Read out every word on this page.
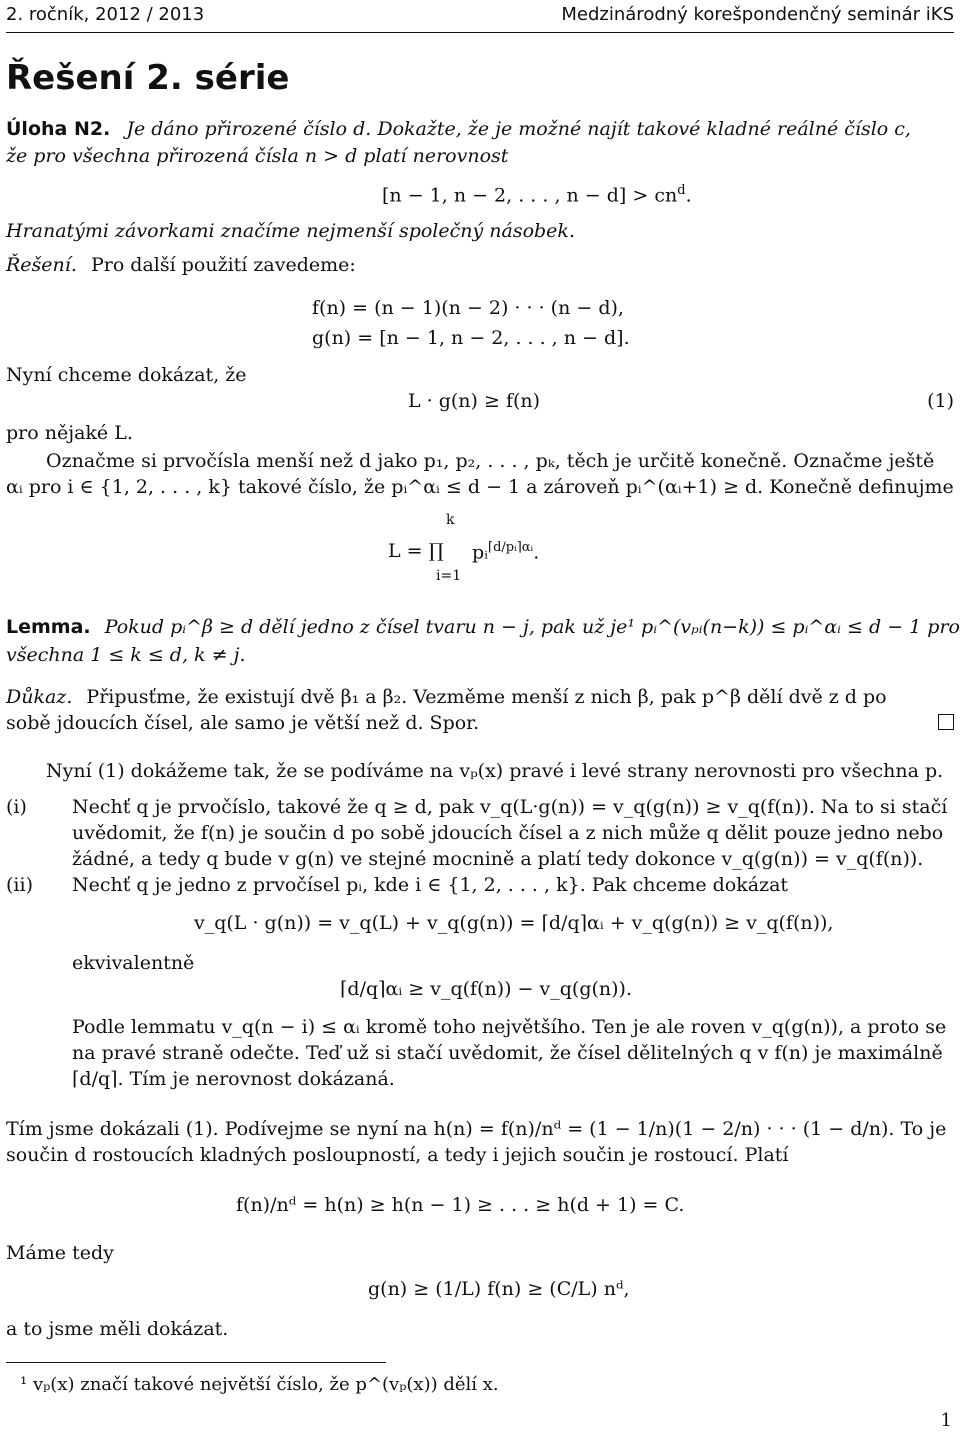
2. ročník, 2012 / 2013	Medzinárodný korešpondenčný seminár iKS
Řešení 2. série
Úloha N2. Je dáno přirozené číslo d. Dokažte, že je možné najít takové kladné reálné číslo c,
že pro všechna přirozená čísla n > d platí nerovnost
[n − 1, n − 2, . . . , $n - d] > cn^d$.
Hranatými závorkami značíme nejmenší společný násobek.
Řešení. Pro další použití zavedeme:
f(n) = (n − 1)(n − 2) · · · (n − d),
g(n) = [n − 1, n − 2, . . . , n − d].
Nyní chceme dokázat, že
L · g(n) ≥ f(n)	(1)
pro nějaké L.
Označme si prvočísla menší než d jako p₁, p₂, . . . , pₖ, těch je určitě konečně. Označme ještě
αᵢ pro i ∈ {1, 2, . . . , k} takové číslo, že pᵢ^αᵢ ≤ d − 1 a zároveň pᵢ^(αᵢ+1) ≥ d. Konečně definujme
L = ∏
k
i=1
pᵢ$^{⌈d/pᵢ⌉\alpha ᵢ}$.
Lemma. Pokud pᵢ^β ≥ d dělí jedno z čísel tvaru n − j, pak už je¹ pᵢ^(vₚᵢ(n−k)) ≤ pᵢ^αᵢ ≤ d − 1 pro
všechna 1 ≤ k ≤ d, k ≠ j.
Důkaz. Připusťme, že existují dvě β₁ a β₂. Vezměme menší z nich β, pak p^β dělí dvě z d po
sobě jdoucích čísel, ale samo je větší než d. Spor.
Nyní (1) dokážeme tak, že se podíváme na vₚ(x) pravé i levé strany nerovnosti pro všechna p.
(i) Nechť q je prvočíslo, takové že q ≥ d, pak v_q(L·g(n)) = v_q(g(n)) ≥ v_q(f(n)). Na to si stačí
uvědomit, že f(n) je součin d po sobě jdoucích čísel a z nich může q dělit pouze jedno nebo
žádné, a tedy q bude v g(n) ve stejné mocnině a platí tedy dokonce v_q(g(n)) = v_q(f(n)).
(ii) Nechť q je jedno z prvočísel pᵢ, kde i ∈ {1, 2, . . . , k}. Pak chceme dokázat
v_q(L · g(n)) = v_q(L) + v_q(g(n)) = ⌈d/q⌉αᵢ + v_q(g(n)) ≥ v_q(f(n)),
ekvivalentně
⌈d/q⌉αᵢ ≥ v_q(f(n)) − v_q(g(n)).
Podle lemmatu v_q(n − i) ≤ αᵢ kromě toho největšího. Ten je ale roven v_q(g(n)), a proto se
na pravé straně odečte. Teď už si stačí uvědomit, že čísel dělitelných q v f(n) je maximálně
⌈d/q⌉. Tím je nerovnost dokázaná.
Tím jsme dokázali (1). Podívejme se nyní na h(n) = f(n)/nᵈ = (1 − 1/n)(1 − 2/n) · · · (1 − d/n). To je
součin d rostoucích kladných posloupností, a tedy i jejich součin je rostoucí. Platí
f(n)/nᵈ = h(n) ≥ h(n − 1) ≥ . . . ≥ h(d + 1) = C.
Máme tedy
g(n) ≥ (1/L) f(n) ≥ (C/L) nᵈ,
a to jsme měli dokázat.
¹ vₚ(x) značí takové největší číslo, že p^(vₚ(x)) dělí x.
1
